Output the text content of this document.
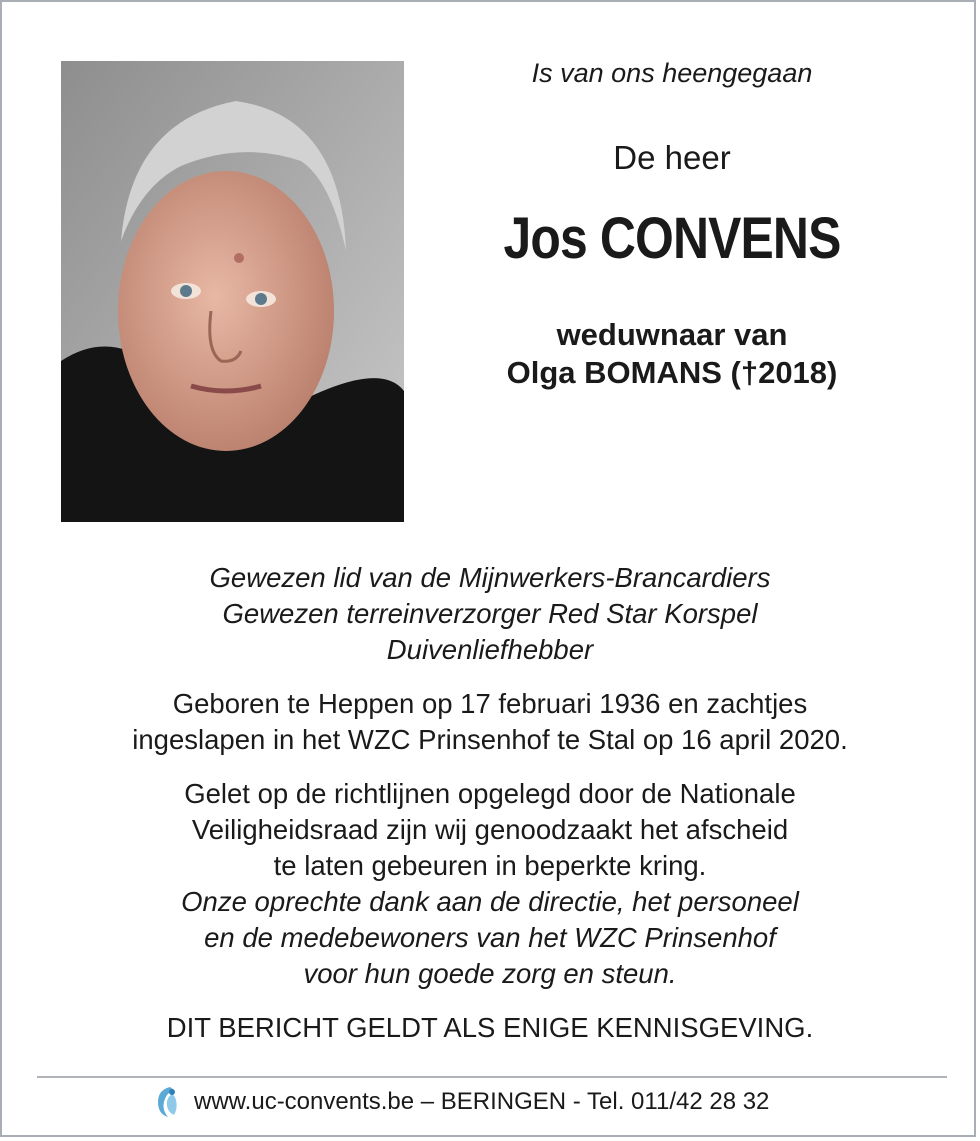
Is van ons heengegaan
De heer
Jos CONVENS
weduwnaar van
Olga BOMANS (†2018)
Gewezen lid van de Mijnwerkers-Brancardiers
Gewezen terreinverzorger Red Star Korspel
Duivenliefhebber
Geboren te Heppen op 17 februari 1936 en zachtjes
ingeslapen in het WZC Prinsenhof te Stal op 16 april 2020.
Gelet op de richtlijnen opgelegd door de Nationale
Veiligheidsraad zijn wij genoodzaakt het afscheid
te laten gebeuren in beperkte kring.
Onze oprechte dank aan de directie, het personeel
en de medebewoners van het WZC Prinsenhof
voor hun goede zorg en steun.
DIT BERICHT GELDT ALS ENIGE KENNISGEVING.
www.uc-convents.be – BERINGEN - Tel. 011/42 28 32
